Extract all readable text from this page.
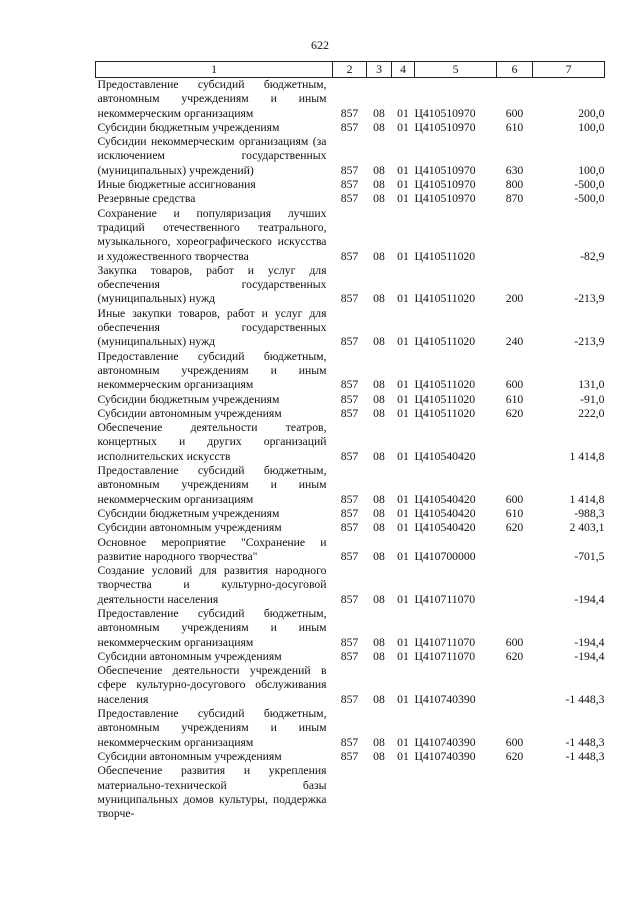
622
1	2	3	4	5	6	7
Предоставление субсидий бюджетным, автономным учреждениям и иным некоммерческим организациям	857	08	01	Ц410510970	600	200,0
Субсидии бюджетным учреждениям	857	08	01	Ц410510970	610	100,0
Субсидии некоммерческим организациям (за исключением государственных (муниципальных) учреждений)	857	08	01	Ц410510970	630	100,0
Иные бюджетные ассигнования	857	08	01	Ц410510970	800	-500,0
Резервные средства	857	08	01	Ц410510970	870	-500,0
Сохранение и популяризация лучших традиций отечественного театрального, музыкального, хореографического искусства и художественного творчества	857	08	01	Ц410511020		-82,9
Закупка товаров, работ и услуг для обеспечения государственных (муниципальных) нужд	857	08	01	Ц410511020	200	-213,9
Иные закупки товаров, работ и услуг для обеспечения государственных (муниципальных) нужд	857	08	01	Ц410511020	240	-213,9
Предоставление субсидий бюджетным, автономным учреждениям и иным некоммерческим организациям	857	08	01	Ц410511020	600	131,0
Субсидии бюджетным учреждениям	857	08	01	Ц410511020	610	-91,0
Субсидии автономным учреждениям	857	08	01	Ц410511020	620	222,0
Обеспечение деятельности театров, концертных и других организаций исполнительских искусств	857	08	01	Ц410540420		1 414,8
Предоставление субсидий бюджетным, автономным учреждениям и иным некоммерческим организациям	857	08	01	Ц410540420	600	1 414,8
Субсидии бюджетным учреждениям	857	08	01	Ц410540420	610	-988,3
Субсидии автономным учреждениям	857	08	01	Ц410540420	620	2 403,1
Основное мероприятие "Сохранение и развитие народного творчества"	857	08	01	Ц410700000		-701,5
Создание условий для развития народного творчества и культурно-досуговой деятельности населения	857	08	01	Ц410711070		-194,4
Предоставление субсидий бюджетным, автономным учреждениям и иным некоммерческим организациям	857	08	01	Ц410711070	600	-194,4
Субсидии автономным учреждениям	857	08	01	Ц410711070	620	-194,4
Обеспечение деятельности учреждений в сфере культурно-досугового обслуживания населения	857	08	01	Ц410740390		-1 448,3
Предоставление субсидий бюджетным, автономным учреждениям и иным некоммерческим организациям	857	08	01	Ц410740390	600	-1 448,3
Субсидии автономным учреждениям	857	08	01	Ц410740390	620	-1 448,3
Обеспечение развития и укрепления материально-технической базы муниципальных домов культуры, поддержка творче-						
